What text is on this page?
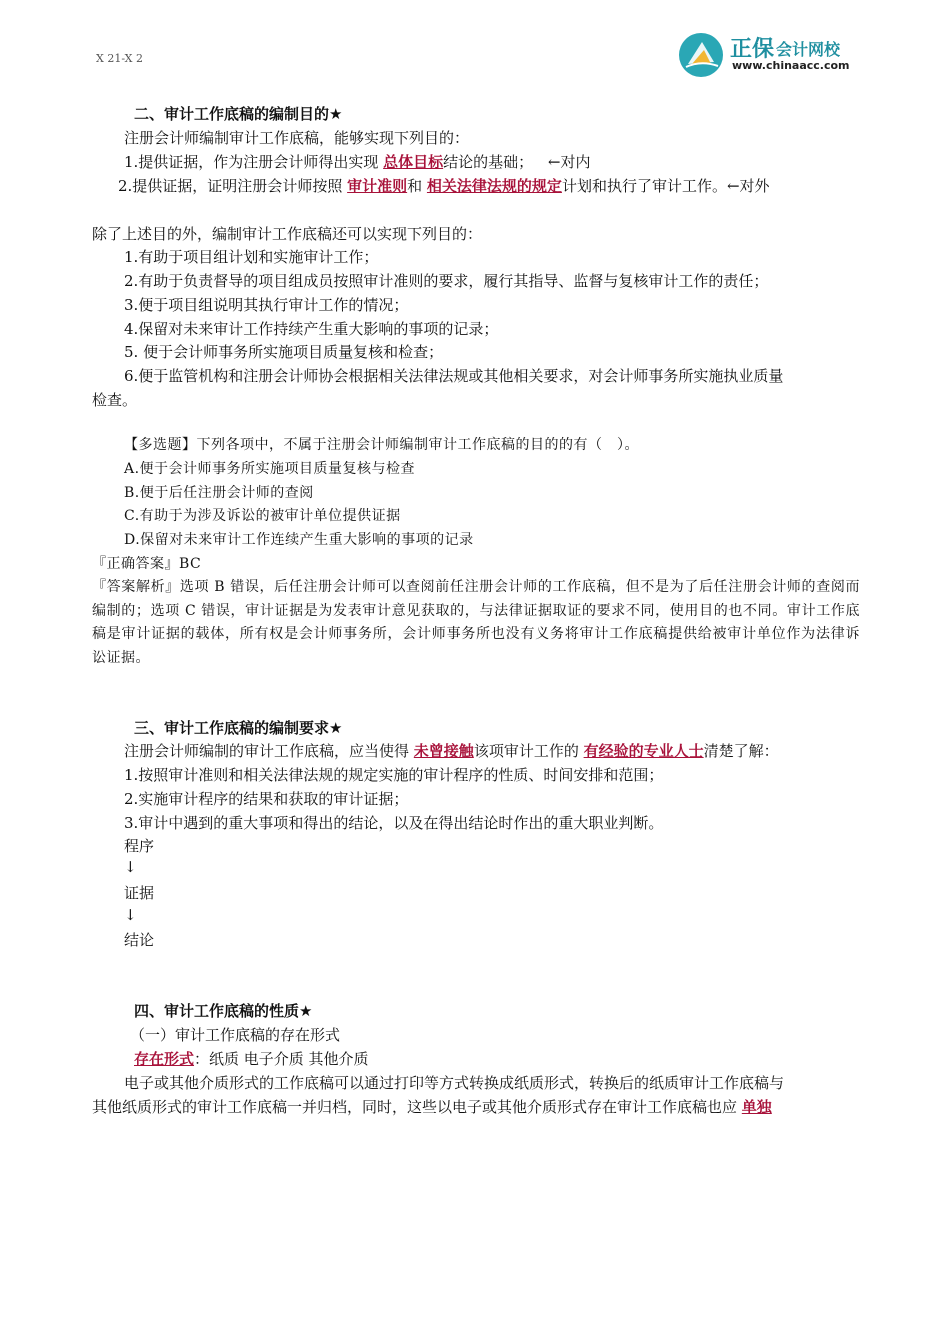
X 21-X 2	正保 会计网校
www.chinaacc.com
二、审计工作底稿的编制目的★
注册会计师编制审计工作底稿，能够实现下列目的：
1.提供证据，作为注册会计师得出实现 总体目标结论的基础； ←对内
2.提供证据，证明注册会计师按照 审计准则和 相关法律法规的规定计划和执行了审计工作。←对外
除了上述目的外，编制审计工作底稿还可以实现下列目的：
1.有助于项目组计划和实施审计工作；
2.有助于负责督导的项目组成员按照审计准则的要求，履行其指导、监督与复核审计工作的责任；
3.便于项目组说明其执行审计工作的情况；
4.保留对未来审计工作持续产生重大影响的事项的记录；
5. 便于会计师事务所实施项目质量复核和检查；
6.便于监管机构和注册会计师协会根据相关法律法规或其他相关要求，对会计师事务所实施执业质量
检查。
【多选题】下列各项中，不属于注册会计师编制审计工作底稿的目的的有（　）。
A.便于会计师事务所实施项目质量复核与检查
B.便于后任注册会计师的查阅
C.有助于为涉及诉讼的被审计单位提供证据
D.保留对未来审计工作连续产生重大影响的事项的记录
『正确答案』BC
『答案解析』选项 B 错误，后任注册会计师可以查阅前任注册会计师的工作底稿，但不是为了后任注册会计师的查阅而编制的；选项 C 错误，审计证据是为发表审计意见获取的，与法律证据取证的要求不同，使用目的也不同。审计工作底稿是审计证据的载体，所有权是会计师事务所，会计师事务所也没有义务将审计工作底稿提供给被审计单位作为法律诉讼证据。
三、审计工作底稿的编制要求★
注册会计师编制的审计工作底稿，应当使得 未曾接触该项审计工作的 有经验的专业人士清楚了解：
1.按照审计准则和相关法律法规的规定实施的审计程序的性质、时间安排和范围；
2.实施审计程序的结果和获取的审计证据；
3.审计中遇到的重大事项和得出的结论，以及在得出结论时作出的重大职业判断。
程序
↓
证据
↓
结论
四、审计工作底稿的性质★
（一）审计工作底稿的存在形式
存在形式：纸质 电子介质 其他介质
电子或其他介质形式的工作底稿可以通过打印等方式转换成纸质形式，转换后的纸质审计工作底稿与
其他纸质形式的审计工作底稿一并归档，同时，这些以电子或其他介质形式存在审计工作底稿也应 单独
